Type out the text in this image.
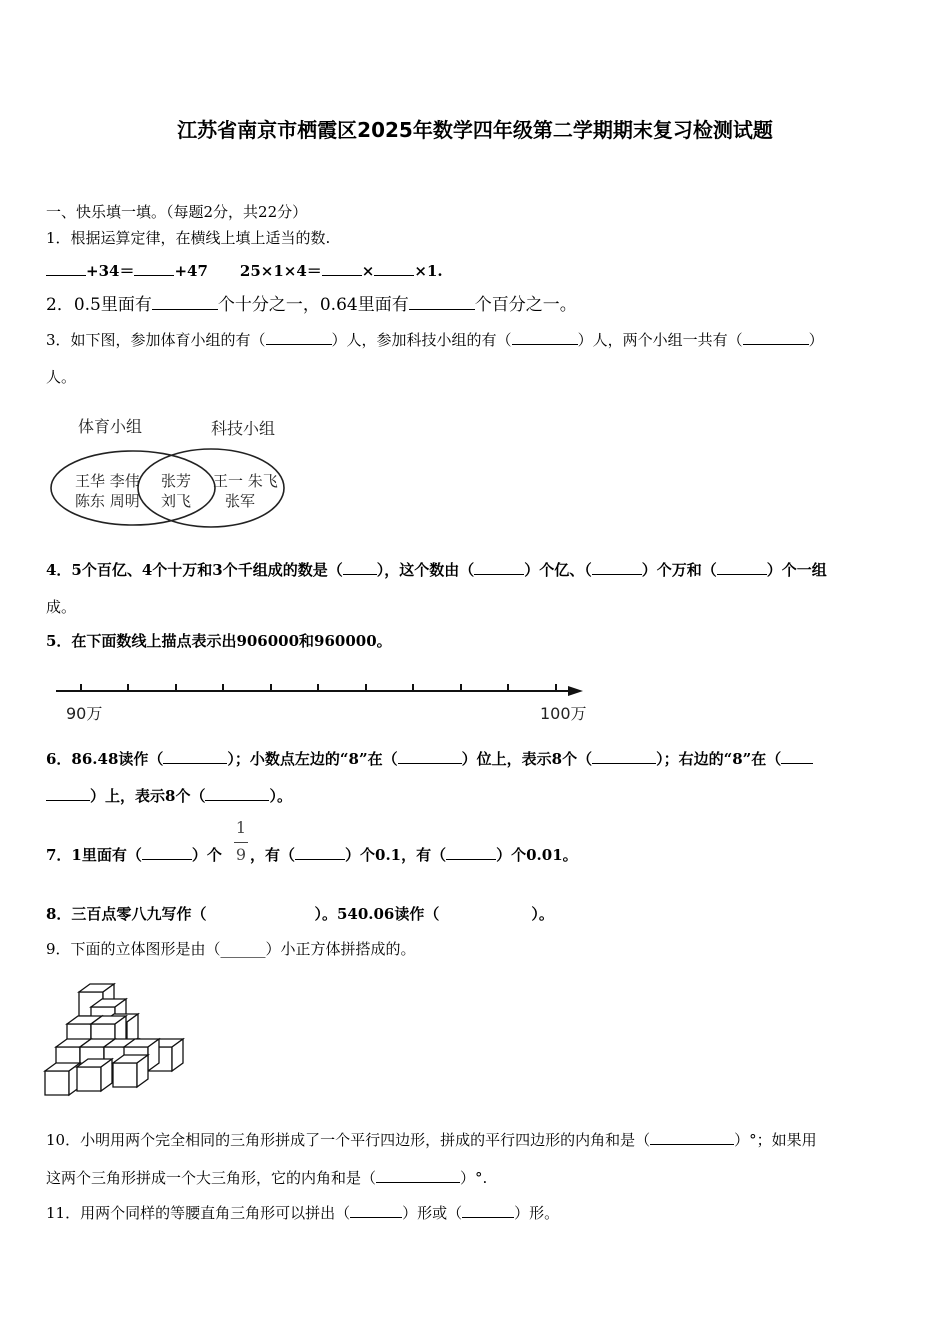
江苏省南京市栖霞区2025年数学四年级第二学期期末复习检测试题
一、快乐填一填。（每题2分，共22分）
1．根据运算定律，在横线上填上适当的数.
+34＝	+47 25×1×4＝	×	×1.
2．0.5里面有	个十分之一，0.64里面有	个百分之一。
3．如下图，参加体育小组的有（	）人，参加科技小组的有（	）人，两个小组一共有（	）
人。
体育小组	科技小组
王华 李伟
陈东 周明
张芳
刘飞
王一 朱飞
张军
4．5个百亿、4个十万和3个千组成的数是（ ），这个数由（	）个亿、（	）个万和（	）个一组
成。
5．在下面数线上描点表示出906000和960000。
90万	100万
6．86.48读作（	）；小数点左边的“8”在（	）位上，表示8个（	）；右边的“8”在（
）上，表示8个（	）。
7．1里面有（	）个
1
9 ，有（	）个0.1，有（	）个0.01。
8．三百点零八九写作（	）。540.06读作（	）。
9．下面的立体图形是由（______）小正方体拼搭成的。
10．小明用两个完全相同的三角形拼成了一个平行四边形，拼成的平行四边形的内角和是（	）°；如果用
这两个三角形拼成一个大三角形，它的内角和是（	）°.
11．用两个同样的等腰直角三角形可以拼出（	）形或（	）形。
